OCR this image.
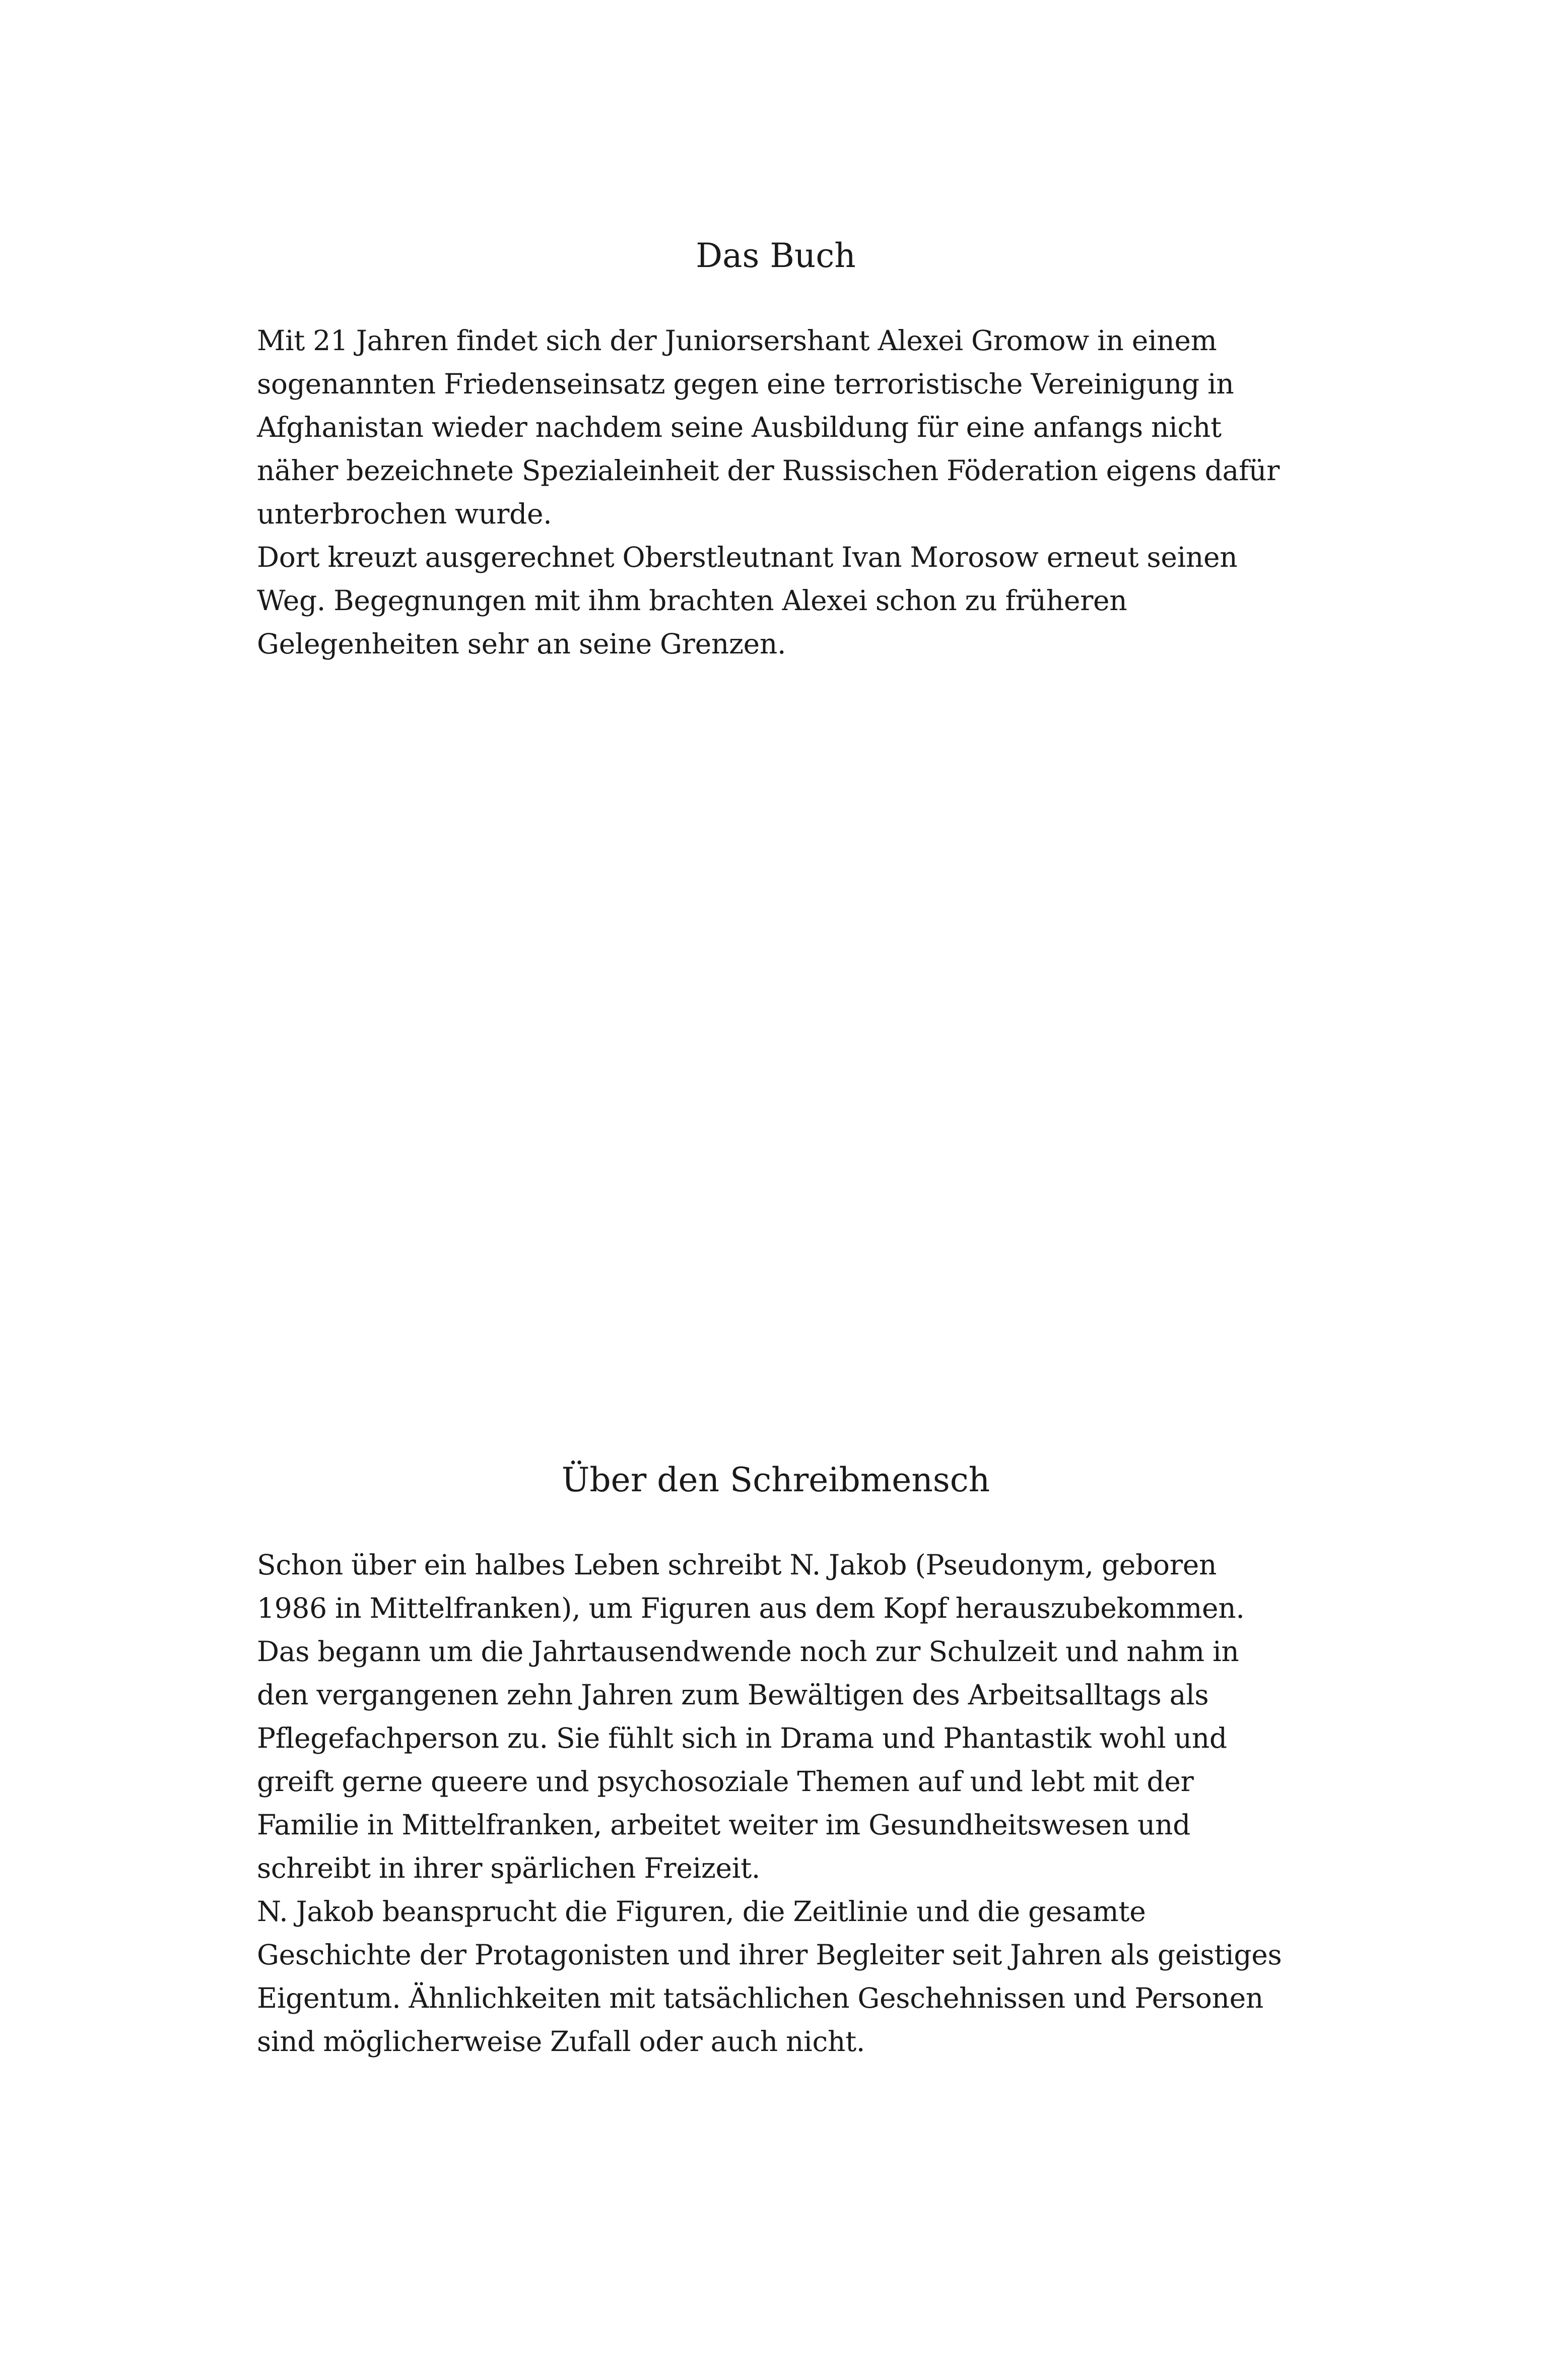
Das Buch

Mit 21 Jahren findet sich der Juniorsershant Alexei Gromow in einem sogenannten Friedenseinsatz gegen eine terroristische Vereinigung in Afghanistan wieder nachdem seine Ausbildung für eine anfangs nicht näher bezeichnete Spezialeinheit der Russischen Föderation eigens dafür unterbrochen wurde.

Dort kreuzt ausgerechnet Oberstleutnant Ivan Morosow erneut seinen Weg. Begegnungen mit ihm brachten Alexei schon zu früheren Gelegenheiten sehr an seine Grenzen.

Über den Schreibmensch

Schon über ein halbes Leben schreibt N. Jakob (Pseudonym, geboren 1986 in Mittelfranken), um Figuren aus dem Kopf herauszubekommen. Das begann um die Jahrtausendwende noch zur Schulzeit und nahm in den vergangenen zehn Jahren zum Bewältigen des Arbeitsalltags als Pflegefachperson zu. Sie fühlt sich in Drama und Phantastik wohl und greift gerne queere und psychosoziale Themen auf und lebt mit der Familie in Mittelfranken, arbeitet weiter im Gesundheitswesen und schreibt in ihrer spärlichen Freizeit.

N. Jakob beansprucht die Figuren, die Zeitlinie und die gesamte Geschichte der Protagonisten und ihrer Begleiter seit Jahren als geistiges Eigentum. Ähnlichkeiten mit tatsächlichen Geschehnissen und Personen sind möglicherweise Zufall oder auch nicht.
